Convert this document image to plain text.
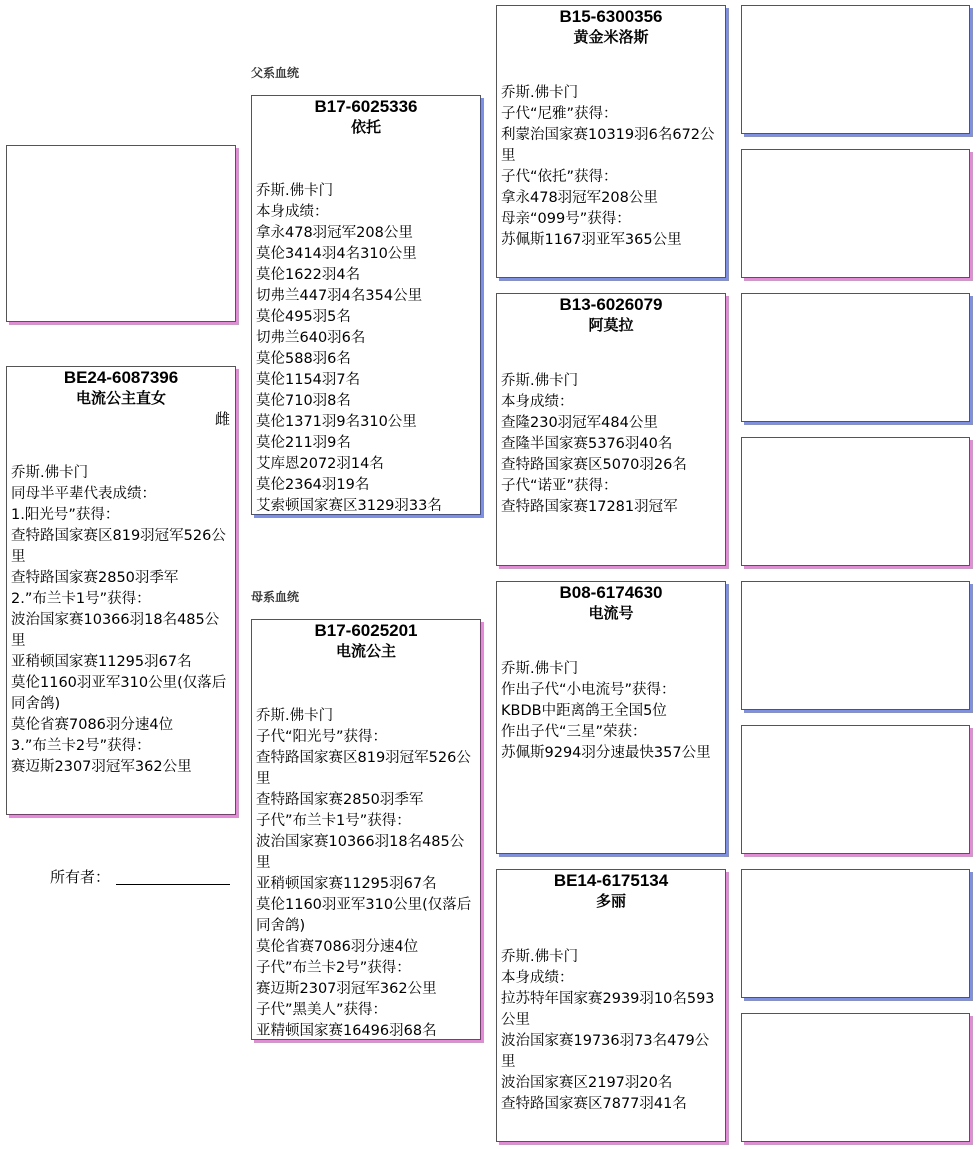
BE24-6087396
电流公主直女
雌
乔斯.佛卡门
同母半平辈代表成绩：
1.阳光号”获得：
查特路国家赛区819羽冠军526公里
查特路国家赛2850羽季军
2.”布兰卡1号”获得：
波治国家赛10366羽18名485公里
亚稍顿国家赛11295羽67名
莫伦1160羽亚军310公里(仅落后同舍鸽)
莫伦省赛7086羽分速4位
3.”布兰卡2号”获得：
赛迈斯2307羽冠军362公里
所有者：
父系血统
母系血统
B17-6025336
依托
乔斯.佛卡门
本身成绩：
拿永478羽冠军208公里
莫伦3414羽4名310公里
莫伦1622羽4名
切弗兰447羽4名354公里
莫伦495羽5名
切弗兰640羽6名
莫伦588羽6名
莫伦1154羽7名
莫伦710羽8名
莫伦1371羽9名310公里
莫伦211羽9名
艾库恩2072羽14名
莫伦2364羽19名
艾索顿国家赛区3129羽33名
B17-6025201
电流公主
乔斯.佛卡门
子代“阳光号”获得：
查特路国家赛区819羽冠军526公里
查特路国家赛2850羽季军
子代”布兰卡1号”获得：
波治国家赛10366羽18名485公里
亚稍顿国家赛11295羽67名
莫伦1160羽亚军310公里(仅落后同舍鸽)
莫伦省赛7086羽分速4位
子代”布兰卡2号”获得：
赛迈斯2307羽冠军362公里
子代”黑美人”获得：
亚精顿国家赛16496羽68名
B15-6300356
黄金米洛斯
乔斯.佛卡门
子代“尼雅”获得：
利蒙治国家赛10319羽6名672公里
子代“依托”获得：
拿永478羽冠军208公里
母亲“099号”获得：
苏佩斯1167羽亚军365公里
B13-6026079
阿莫拉
乔斯.佛卡门
本身成绩：
查隆230羽冠军484公里
查隆半国家赛5376羽40名
查特路国家赛区5070羽26名
子代“诺亚”获得：
查特路国家赛17281羽冠军
B08-6174630
电流号
乔斯.佛卡门
作出子代“小电流号”获得：
KBDB中距离鸽王全国5位
作出子代“三星”荣获：
苏佩斯9294羽分速最快357公里
BE14-6175134
多丽
乔斯.佛卡门
本身成绩：
拉苏特年国家赛2939羽10名593公里
波治国家赛19736羽73名479公里
波治国家赛区2197羽20名
查特路国家赛区7877羽41名
